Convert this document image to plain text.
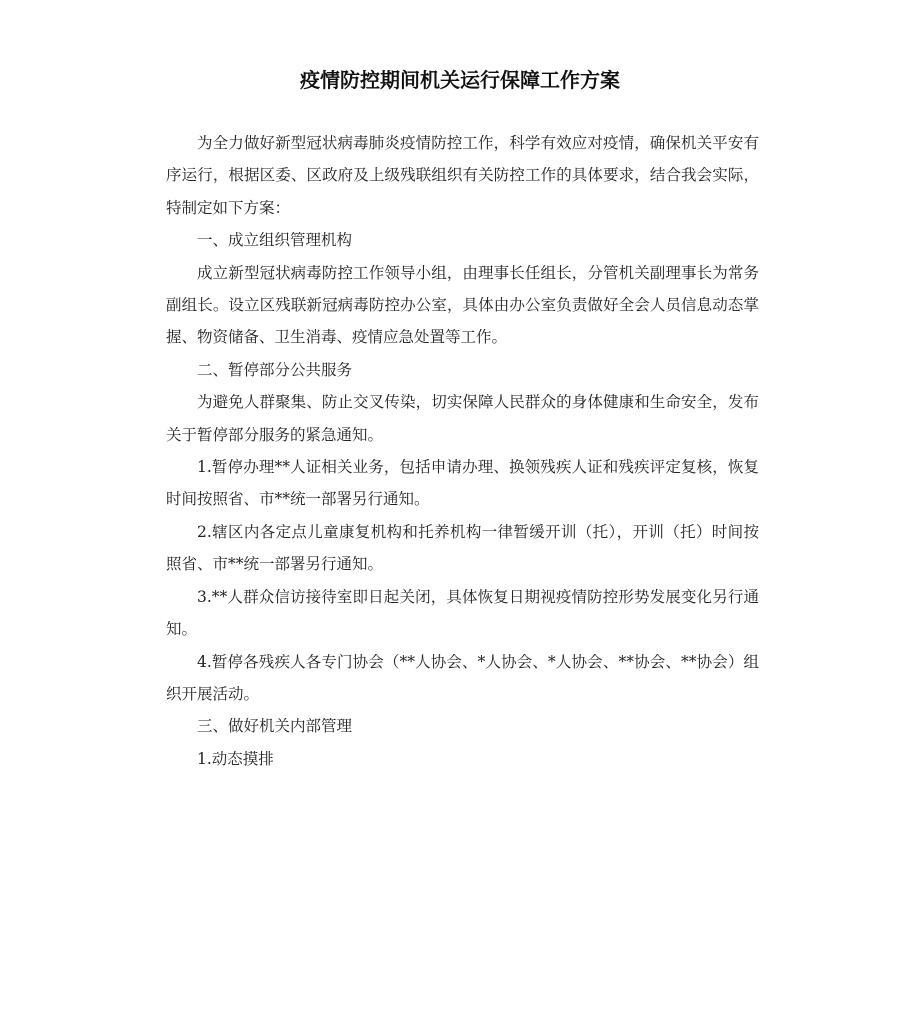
疫情防控期间机关运行保障工作方案

为全力做好新型冠状病毒肺炎疫情防控工作，科学有效应对疫情，确保机关平安有序运行，根据区委、区政府及上级残联组织有关防控工作的具体要求，结合我会实际，特制定如下方案：

一、成立组织管理机构

成立新型冠状病毒防控工作领导小组，由理事长任组长，分管机关副理事长为常务副组长。设立区残联新冠病毒防控办公室，具体由办公室负责做好全会人员信息动态掌握、物资储备、卫生消毒、疫情应急处置等工作。

二、暂停部分公共服务

为避免人群聚集、防止交叉传染，切实保障人民群众的身体健康和生命安全，发布关于暂停部分服务的紧急通知。

1.暂停办理**人证相关业务，包括申请办理、换领残疾人证和残疾评定复核，恢复时间按照省、市**统一部署另行通知。

2.辖区内各定点儿童康复机构和托养机构一律暂缓开训（托），开训（托）时间按照省、市**统一部署另行通知。

3.**人群众信访接待室即日起关闭，具体恢复日期视疫情防控形势发展变化另行通知。

4.暂停各残疾人各专门协会（**人协会、*人协会、*人协会、**协会、**协会）组织开展活动。

三、做好机关内部管理

1.动态摸排
